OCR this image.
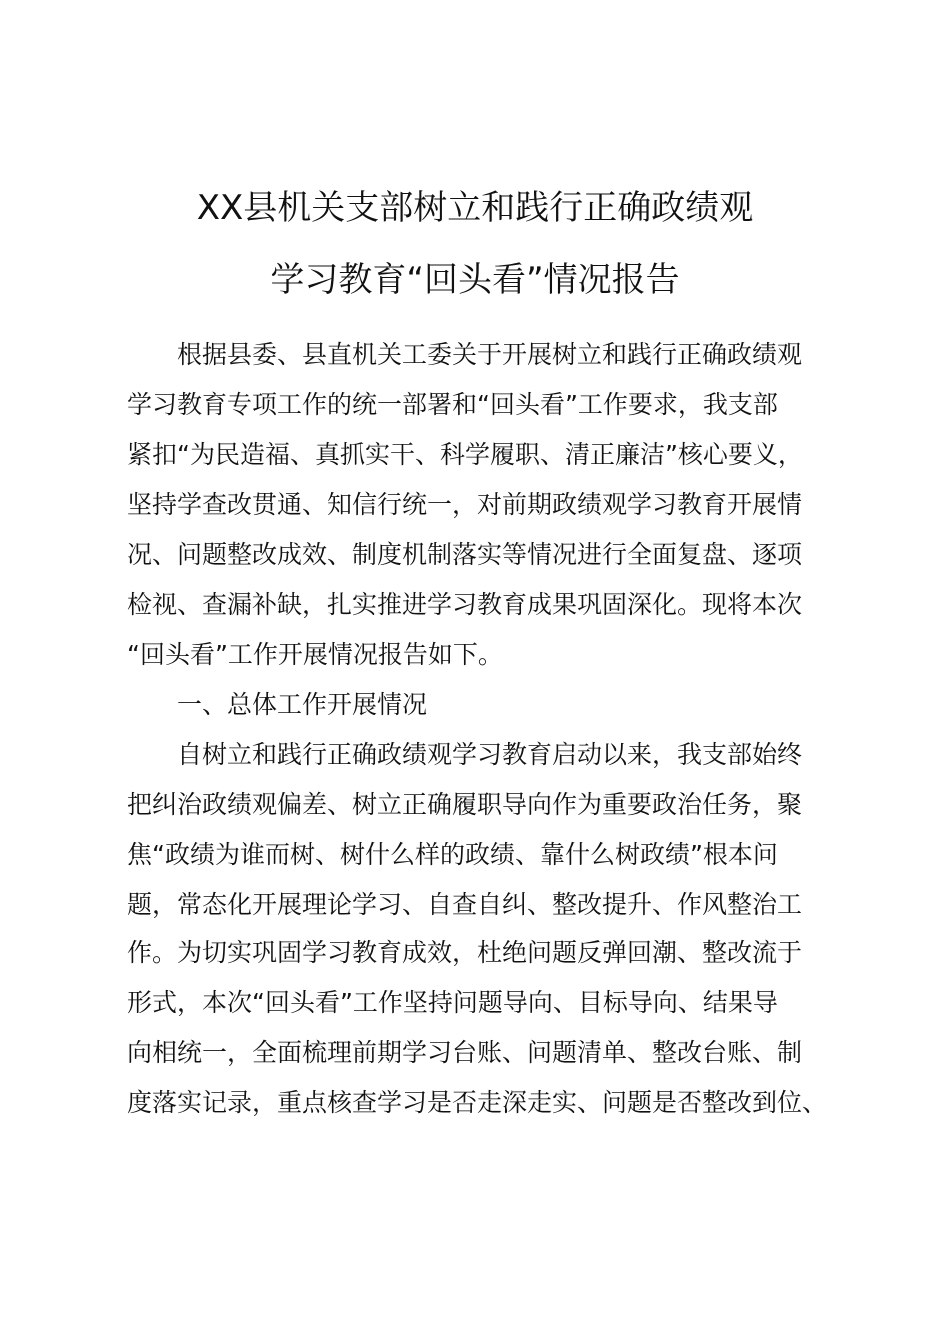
XX县机关支部树立和践行正确政绩观
学习教育“回头看”情况报告
根据县委、县直机关工委关于开展树立和践行正确政绩观
学习教育专项工作的统一部署和“回头看”工作要求，我支部
紧扣“为民造福、真抓实干、科学履职、清正廉洁”核心要义，
坚持学查改贯通、知信行统一，对前期政绩观学习教育开展情
况、问题整改成效、制度机制落实等情况进行全面复盘、逐项
检视、查漏补缺，扎实推进学习教育成果巩固深化。现将本次
“回头看”工作开展情况报告如下。
一、总体工作开展情况
自树立和践行正确政绩观学习教育启动以来，我支部始终
把纠治政绩观偏差、树立正确履职导向作为重要政治任务，聚
焦“政绩为谁而树、树什么样的政绩、靠什么树政绩”根本问
题，常态化开展理论学习、自查自纠、整改提升、作风整治工
作。为切实巩固学习教育成效，杜绝问题反弹回潮、整改流于
形式，本次“回头看”工作坚持问题导向、目标导向、结果导
向相统一，全面梳理前期学习台账、问题清单、整改台账、制
度落实记录，重点核查学习是否走深走实、问题是否整改到位、
